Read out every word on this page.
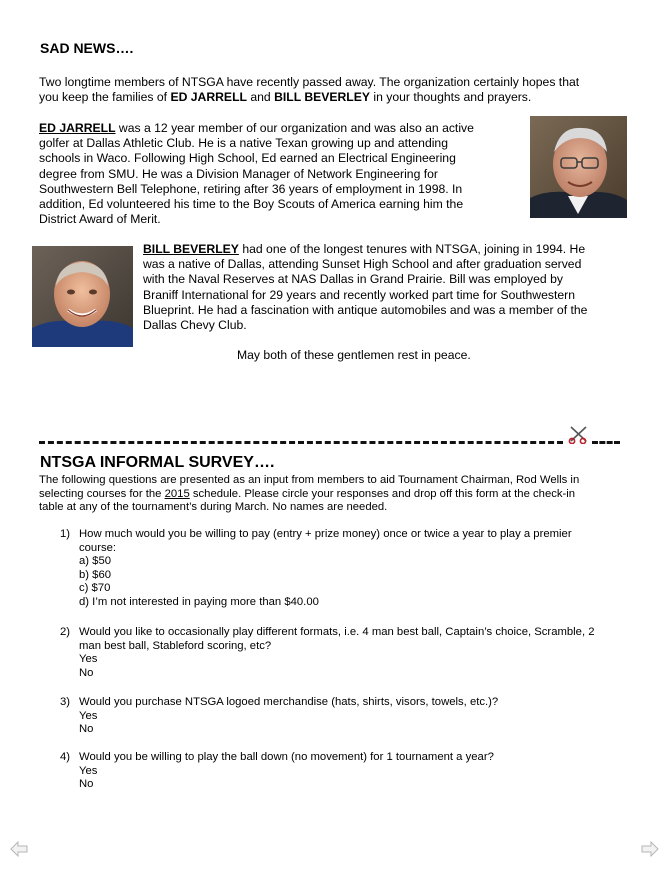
SAD NEWS….
Two longtime members of NTSGA have recently passed away. The organization certainly hopes that
you keep the families of ED JARRELL and BILL BEVERLEY in your thoughts and prayers.
ED JARRELL was a 12 year member of our organization and was also an active
golfer at Dallas Athletic Club. He is a native Texan growing up and attending
schools in Waco. Following High School, Ed earned an Electrical Engineering
degree from SMU. He was a Division Manager of Network Engineering for
Southwestern Bell Telephone, retiring after 36 years of employment in 1998. In
addition, Ed volunteered his time to the Boy Scouts of America earning him the
District Award of Merit.
BILL BEVERLEY had one of the longest tenures with NTSGA, joining in 1994. He
was a native of Dallas, attending Sunset High School and after graduation served
with the Naval Reserves at NAS Dallas in Grand Prairie. Bill was employed by
Braniff International for 29 years and recently worked part time for Southwestern
Blueprint. He had a fascination with antique automobiles and was a member of the
Dallas Chevy Club.
May both of these gentlemen rest in peace.
NTSGA INFORMAL SURVEY….
The following questions are presented as an input from members to aid Tournament Chairman, Rod Wells in
selecting courses for the 2015 schedule. Please circle your responses and drop off this form at the check-in
table at any of the tournament’s during March. No names are needed.
1) How much would you be willing to pay (entry + prize money) once or twice a year to play a premier
course:
a) $50
b) $60
c) $70
d) I’m not interested in paying more than $40.00
2) Would you like to occasionally play different formats, i.e. 4 man best ball, Captain’s choice, Scramble, 2
man best ball, Stableford scoring, etc?
Yes
No
3) Would you purchase NTSGA logoed merchandise (hats, shirts, visors, towels, etc.)?
Yes
No
4) Would you be willing to play the ball down (no movement) for 1 tournament a year?
Yes
No
